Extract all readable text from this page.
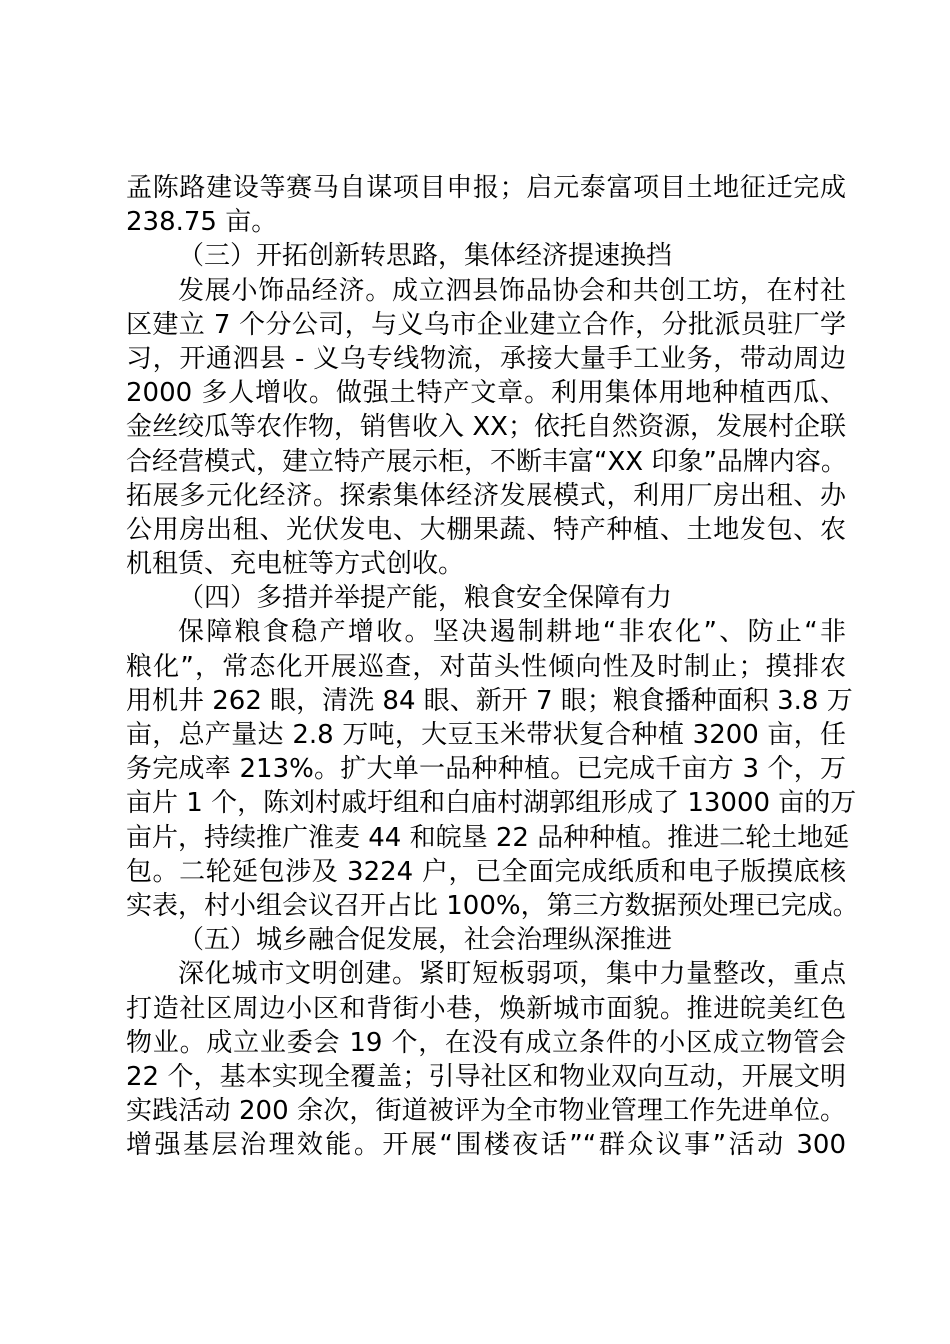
孟陈路建设等赛马自谋项目申报；启元泰富项目土地征迁完成
238.75 亩。
（三）开拓创新转思路，集体经济提速换挡
发展小饰品经济。成立泗县饰品协会和共创工坊，在村社
区建立 7 个分公司，与义乌市企业建立合作，分批派员驻厂学
习，开通泗县 - 义乌专线物流，承接大量手工业务，带动周边
2000 多人增收。做强土特产文章。利用集体用地种植西瓜、
金丝绞瓜等农作物，销售收入 XX；依托自然资源，发展村企联
合经营模式，建立特产展示柜，不断丰富“XX 印象”品牌内容。
拓展多元化经济。探索集体经济发展模式，利用厂房出租、办
公用房出租、光伏发电、大棚果蔬、特产种植、土地发包、农
机租赁、充电桩等方式创收。
（四）多措并举提产能，粮食安全保障有力
保障粮食稳产增收。坚决遏制耕地“非农化”、防止“非
粮化”，常态化开展巡查，对苗头性倾向性及时制止；摸排农
用机井 262 眼，清洗 84 眼、新开 7 眼；粮食播种面积 3.8 万
亩，总产量达 2.8 万吨，大豆玉米带状复合种植 3200 亩，任
务完成率 213%。扩大单一品种种植。已完成千亩方 3 个，万
亩片 1 个，陈刘村戚圩组和白庙村湖郭组形成了 13000 亩的万
亩片，持续推广淮麦 44 和皖垦 22 品种种植。推进二轮土地延
包。二轮延包涉及 3224 户，已全面完成纸质和电子版摸底核
实表，村小组会议召开占比 100%，第三方数据预处理已完成。
（五）城乡融合促发展，社会治理纵深推进
深化城市文明创建。紧盯短板弱项，集中力量整改，重点
打造社区周边小区和背街小巷，焕新城市面貌。推进皖美红色
物业。成立业委会 19 个，在没有成立条件的小区成立物管会
22 个，基本实现全覆盖；引导社区和物业双向互动，开展文明
实践活动 200 余次，街道被评为全市物业管理工作先进单位。
增强基层治理效能。开展“围楼夜话”“群众议事”活动 300
